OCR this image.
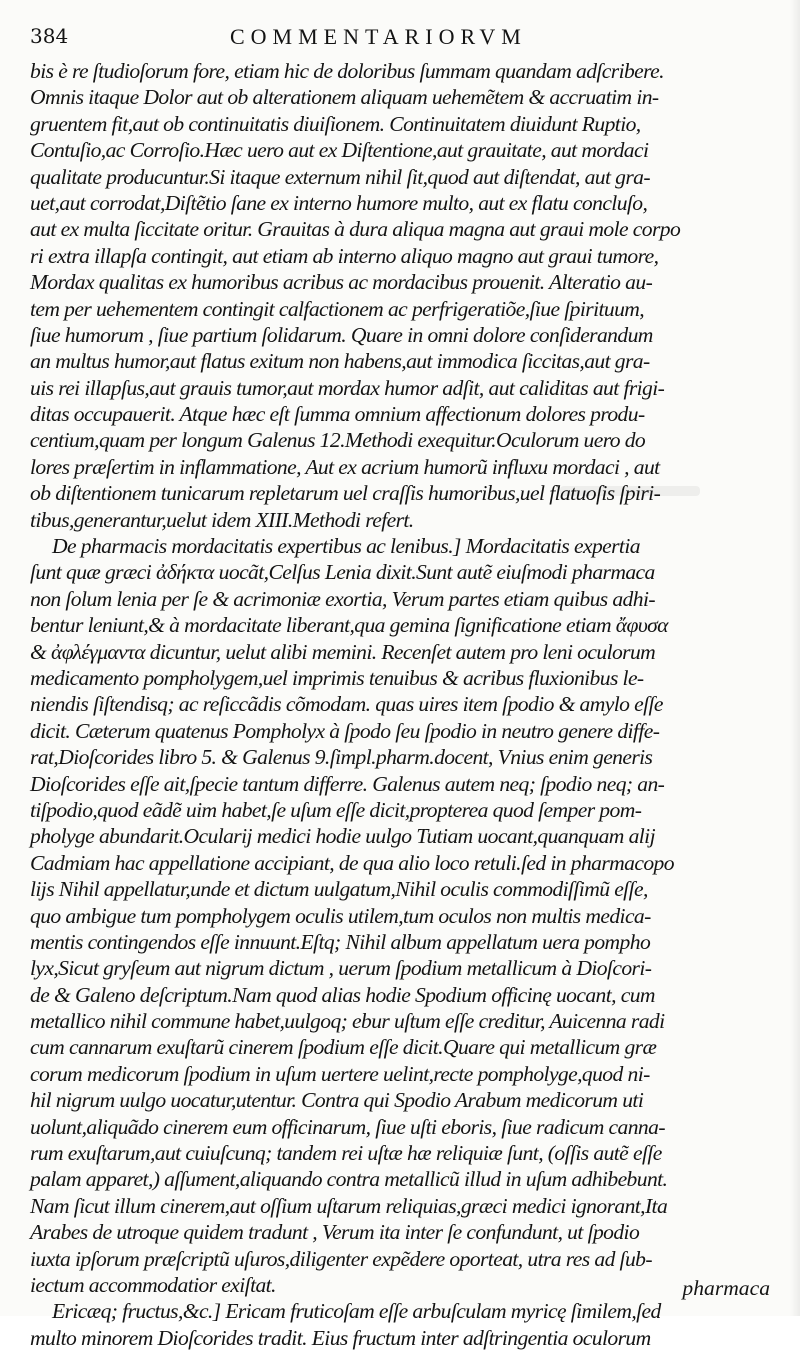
384	COMMENTARIORVM
bis è re ſtudioſorum fore, etiam hic de doloribus ſummam quandam adſcribere.
Omnis itaque Dolor aut ob alterationem aliquam uehemẽtem & accruatim in-
gruentem fit,aut ob continuitatis diuiſionem. Continuitatem diuidunt Ruptio,
Contuſio,ac Corroſio.Hæc uero aut ex Diſtentione,aut grauitate, aut mordaci
qualitate producuntur.Si itaque externum nihil ſit,quod aut diſtendat, aut gra-
uet,aut corrodat,Diſtẽtio ſane ex interno humore multo, aut ex flatu concluſo,
aut ex multa ſiccitate oritur. Grauitas à dura aliqua magna aut graui mole corpo
ri extra illapſa contingit, aut etiam ab interno aliquo magno aut graui tumore,
Mordax qualitas ex humoribus acribus ac mordacibus prouenit. Alteratio au-
tem per uehementem contingit calfactionem ac perfrigeratiõe,ſiue ſpirituum,
ſiue humorum , ſiue partium ſolidarum. Quare in omni dolore conſiderandum
an multus humor,aut flatus exitum non habens,aut immodica ſiccitas,aut gra-
uis rei illapſus,aut grauis tumor,aut mordax humor adſit, aut caliditas aut frigi-
ditas occupauerit. Atque hæc eſt ſumma omnium affectionum dolores produ-
centium,quam per longum Galenus 12.Methodi exequitur.Oculorum uero do
lores præſertim in inflammatione, Aut ex acrium humorũ influxu mordaci , aut
ob diſtentionem tunicarum repletarum uel craſſis humoribus,uel flatuoſis ſpiri-
tibus,generantur,uelut idem XIII.Methodi refert.
De pharmacis mordacitatis expertibus ac lenibus.] Mordacitatis expertia
ſunt quæ græci ἀδήκτα uocãt,Celſus Lenia dixit.Sunt autẽ eiuſmodi pharmaca
non ſolum lenia per ſe & acrimoniæ exortia, Verum partes etiam quibus adhi-
bentur leniunt,& à mordacitate liberant,qua gemina ſignificatione etiam ἄφυσα
& ἀφλέγμαντα dicuntur, uelut alibi memini. Recenſet autem pro leni oculorum
medicamento pompholygem,uel imprimis tenuibus & acribus fluxionibus le-
niendis ſiſtendisq; ac reſiccãdis cõmodam. quas uires item ſpodio & amylo eſſe
dicit. Cæterum quatenus Pompholyx à ſpodo ſeu ſpodio in neutro genere diffe-
rat,Dioſcorides libro 5. & Galenus 9.ſimpl.pharm.docent, Vnius enim generis
Dioſcorides eſſe ait,ſpecie tantum differre. Galenus autem neq; ſpodio neq; an-
tiſpodio,quod eãdẽ uim habet,ſe uſum eſſe dicit,propterea quod ſemper pom-
pholyge abundarit.Ocularij medici hodie uulgo Tutiam uocant,quanquam alij
Cadmiam hac appellatione accipiant, de qua alio loco retuli.ſed in pharmacopo
lijs Nihil appellatur,unde et dictum uulgatum,Nihil oculis commodiſſimũ eſſe,
quo ambigue tum pompholygem oculis utilem,tum oculos non multis medica-
mentis contingendos eſſe innuunt.Eſtq; Nihil album appellatum uera pompho
lyx,Sicut gryſeum aut nigrum dictum , uerum ſpodium metallicum à Dioſcori-
de & Galeno deſcriptum.Nam quod alias hodie Spodium officinę uocant, cum
metallico nihil commune habet,uulgoq; ebur uſtum eſſe creditur, Auicenna radi
cum cannarum exuſtarũ cinerem ſpodium eſſe dicit.Quare qui metallicum græ
corum medicorum ſpodium in uſum uertere uelint,recte pompholyge,quod ni-
hil nigrum uulgo uocatur,utentur. Contra qui Spodio Arabum medicorum uti
uolunt,aliquãdo cinerem eum officinarum, ſiue uſti eboris, ſiue radicum canna-
rum exuſtarum,aut cuiuſcunq; tandem rei uſtæ hæ reliquiæ ſunt, (oſſis autẽ eſſe
palam apparet,) aſſument,aliquando contra metallicũ illud in uſum adhibebunt.
Nam ſicut illum cinerem,aut oſſium uſtarum reliquias,græci medici ignorant,Ita
Arabes de utroque quidem tradunt , Verum ita inter ſe confundunt, ut ſpodio
iuxta ipſorum præſcriptũ uſuros,diligenter expẽdere oporteat, utra res ad ſub-
iectum accommodatior exiſtat.
Ericæq; fructus,&c.] Ericam fruticoſam eſſe arbuſculam myricę ſimilem,ſed
multo minorem Dioſcorides tradit. Eius fructum inter adſtringentia oculorum
pharmaca
